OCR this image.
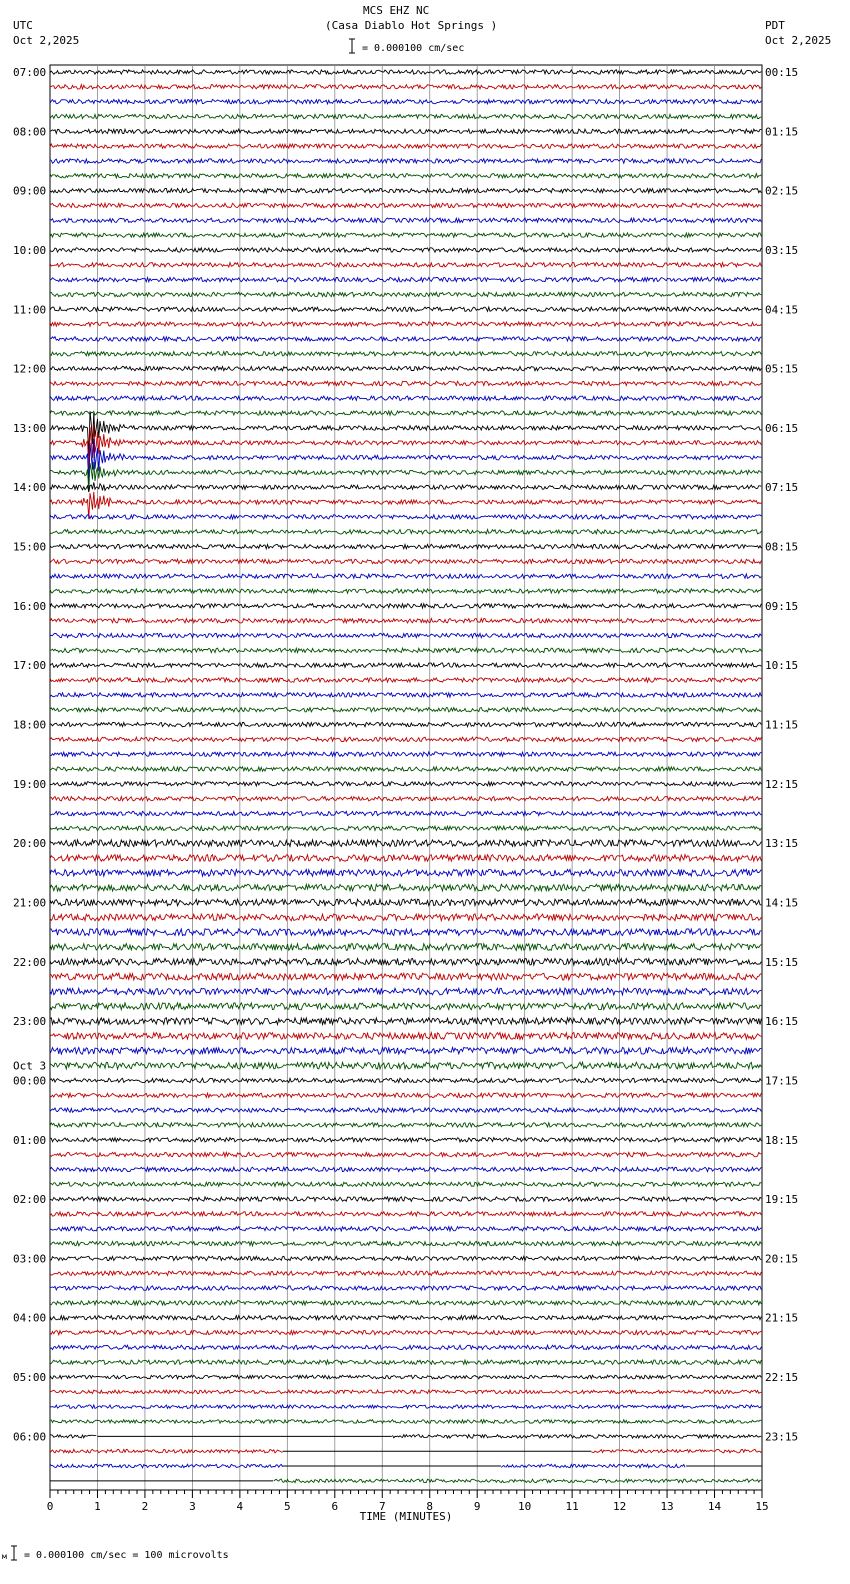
MCS EHZ NC
(Casa Diablo Hot Springs )
= 0.000100 cm/sec
UTC
Oct 2,2025
PDT
Oct 2,2025
= 0.000100 cm/sec = 100 microvolts
м
07:00
08:00
09:00
10:00
11:00
12:00
13:00
14:00
15:00
16:00
17:00
18:00
19:00
20:00
21:00
22:00
23:00
00:00
01:00
02:00
03:00
04:00
05:00
06:00
00:15
01:15
02:15
03:15
04:15
05:15
06:15
07:15
08:15
09:15
10:15
11:15
12:15
13:15
14:15
15:15
16:15
17:15
18:15
19:15
20:15
21:15
22:15
23:15
Oct 3
0	1	2	3	4	5	6	7	8	9	10	11	12	13	14	15
TIME (MINUTES)
